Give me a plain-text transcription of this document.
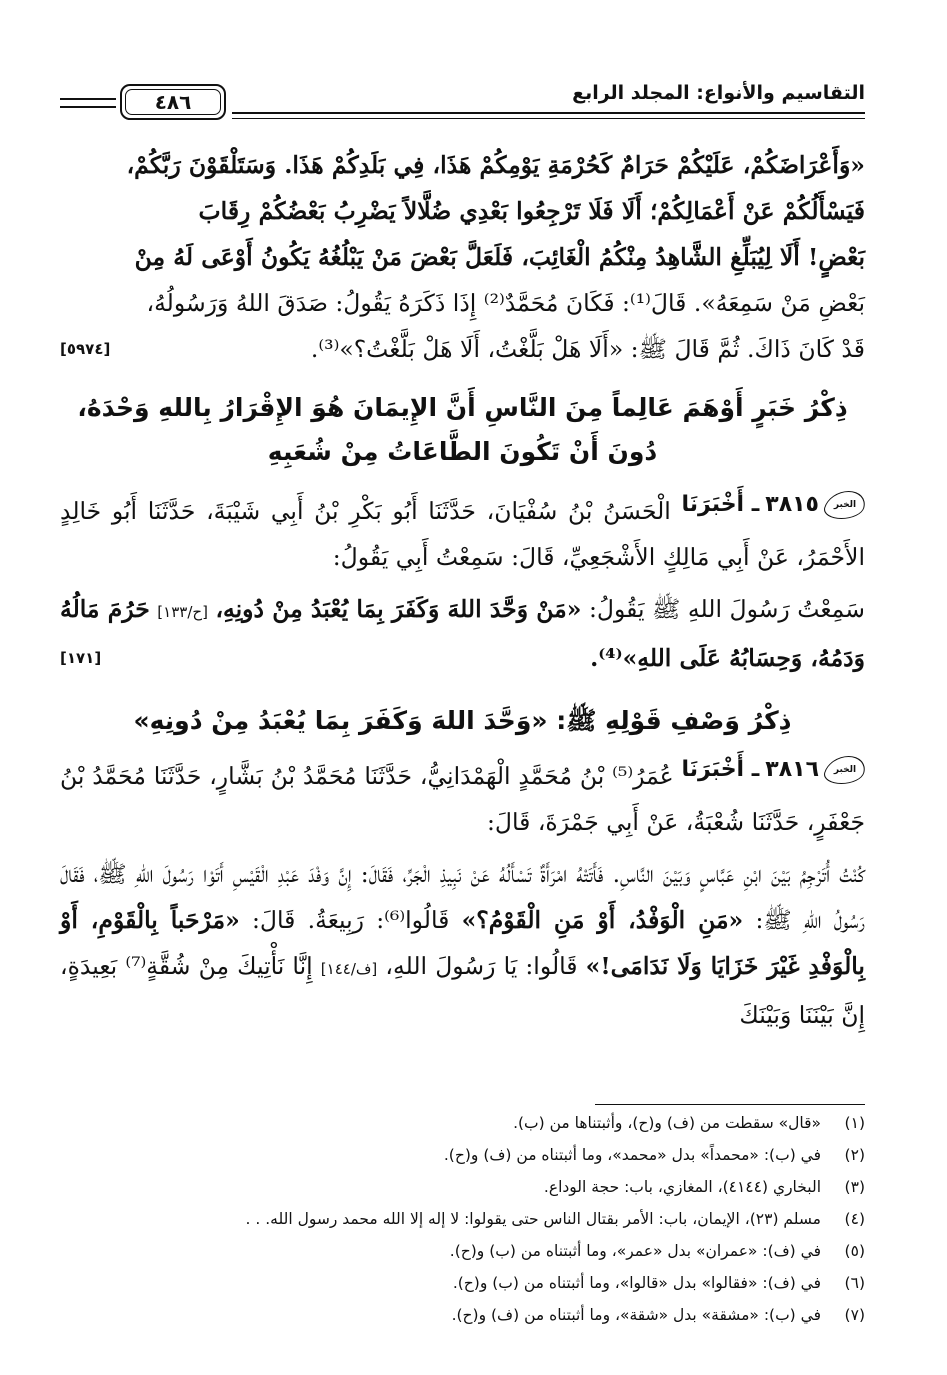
التقاسيم والأنواع: المجلد الرابع
٤٨٦

«وَأَعْرَاضَكُمْ، عَلَيْكُمْ حَرَامٌ كَحُرْمَةِ يَوْمِكُمْ هَذَا، فِي بَلَدِكُمْ هَذَا. وَسَتَلْقَوْنَ رَبَّكُمْ،

فَيَسْأَلُكُمْ عَنْ أَعْمَالِكُمْ؛ أَلَا فَلَا تَرْجِعُوا بَعْدِي ضُلَّالاً يَضْرِبُ بَعْضُكُمْ رِقَابَ

بَعْضٍ! أَلَا لِيُبَلِّغِ الشَّاهِدُ مِنْكُمُ الْغَائِبَ، فَلَعَلَّ بَعْضَ مَنْ يَبْلُغُهُ يَكُونُ أَوْعَى لَهُ مِنْ

بَعْضِ مَنْ سَمِعَهُ». قَالَ⁽¹⁾: فَكَانَ مُحَمَّدٌ⁽²⁾ إِذَا ذَكَرَهُ يَقُولُ: صَدَقَ اللهُ وَرَسُولُهُ،

قَدْ كَانَ ذَاكَ. ثُمَّ قَالَ ﷺ: «أَلَا هَلْ بَلَّغْتُ، أَلَا هَلْ بَلَّغْتُ؟»⁽³⁾.
[٥٩٧٤]

ذِكْرُ خَبَرٍ أَوْهَمَ عَالِماً مِنَ النَّاسِ أَنَّ الإِيمَانَ هُوَ الإِقْرَارُ بِاللهِ وَحْدَهُ،
دُونَ أَنْ تَكُونَ الطَّاعَاتُ مِنْ شُعَبِهِ

الخبر
٣٨١٥
ـ أَخْبَرَنَا
الْحَسَنُ بْنُ سُفْيَانَ، حَدَّثَنَا أَبُو بَكْرِ بْنُ أَبِي شَيْبَةَ، حَدَّثَنَا أَبُو خَالِدٍ الأَحْمَرُ، عَنْ أَبِي مَالِكٍ الأَشْجَعِيِّ، قَالَ: سَمِعْتُ أَبِي يَقُولُ:

سَمِعْتُ رَسُولَ اللهِ ﷺ يَقُولُ: «مَنْ وَحَّدَ اللهَ وَكَفَرَ بِمَا يُعْبَدُ مِنْ دُونِهِ، [ح/١٣٣] حَرُمَ مَالُهُ وَدَمُهُ، وَحِسَابُهُ عَلَى اللهِ»⁽⁴⁾.
[١٧١]

ذِكْرُ وَصْفِ قَوْلِهِ ﷺ: «وَحَّدَ اللهَ وَكَفَرَ بِمَا يُعْبَدُ مِنْ دُونِهِ»

الخبر
٣٨١٦
ـ أَخْبَرَنَا
عُمَرُ⁽⁵⁾ بْنُ مُحَمَّدٍ الْهَمْدَانِيُّ، حَدَّثَنَا مُحَمَّدُ بْنُ بَشَّارٍ، حَدَّثَنَا مُحَمَّدُ بْنُ جَعْفَرٍ، حَدَّثَنَا شُعْبَةُ، عَنْ أَبِي جَمْرَةَ، قَالَ:

كُنْتُ أُتَرْجِمُ بَيْنَ ابْنِ عَبَّاسٍ وَبَيْنَ النَّاسِ. فَأَتَتْهُ امْرَأَةٌ تَسْأَلُهُ عَنْ نَبِيذِ الْجَرِّ، فَقَالَ: إِنَّ وَفْدَ عَبْدِ الْقَيْسِ أَتَوْا رَسُولَ اللهِ ﷺ، فَقَالَ رَسُولُ اللهِ ﷺ: «مَنِ الْوَفْدُ، أَوْ مَنِ الْقَوْمُ؟» قَالُوا⁽⁶⁾: رَبِيعَةُ. قَالَ: «مَرْحَباً بِالْقَوْمِ، أَوْ بِالْوَفْدِ غَيْرَ خَزَايَا وَلَا نَدَامَى!» قَالُوا: يَا رَسُولَ اللهِ، [ف/١٤٤] إِنَّا نَأْتِيكَ مِنْ شُقَّةٍ⁽⁷⁾ بَعِيدَةٍ، إِنَّ بَيْنَنَا وَبَيْنَكَ

(١)
«قال» سقطت من (ف) و(ح)، وأثبتناها من (ب).
(٢)
في (ب): «محمداً» بدل «محمد»، وما أثبتناه من (ف) و(ح).
(٣)
البخاري (٤١٤٤)، المغازي، باب: حجة الوداع.
(٤)
مسلم (٢٣)، الإيمان، باب: الأمر بقتال الناس حتى يقولوا: لا إله إلا الله محمد رسول الله. . .
(٥)
في (ف): «عمران» بدل «عمر»، وما أثبتناه من (ب) و(ح).
(٦)
في (ف): «فقالوا» بدل «قالوا»، وما أثبتناه من (ب) و(ح).
(٧)
في (ب): «مشقة» بدل «شقة»، وما أثبتناه من (ف) و(ح).
